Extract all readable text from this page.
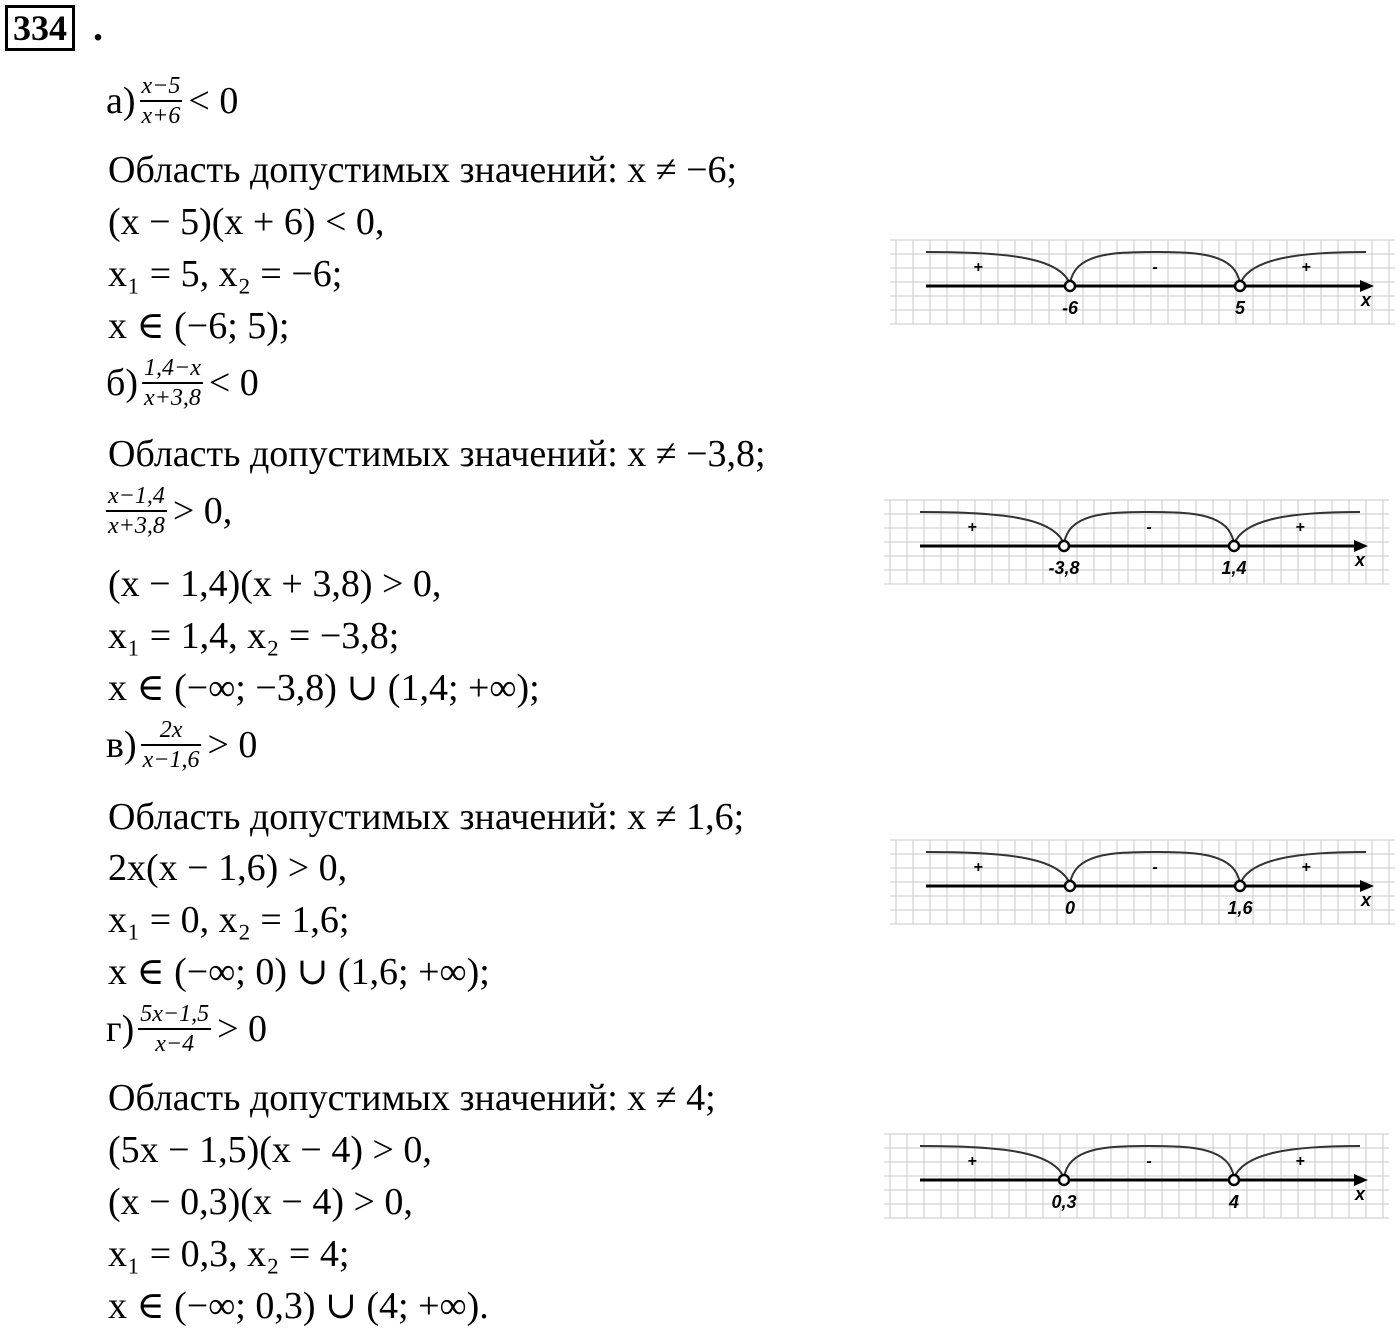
334 .
$а) \frac{x-5}{x+6} < 0$
Область допустимых значений: x ≠ −6;
(x − 5)(x + 6) < 0,
x₁ = 5, x₂ = −6;
x ∈ (−6; 5);
$б) \frac{1,4-x}{x+3,8} < 0$
Область допустимых значений: x ≠ −3,8;
$\frac{x-1,4}{x+3,8} > 0$,
(x − 1,4)(x + 3,8) > 0,
x₁ = 1,4, x₂ = −3,8;
x ∈ (−∞; −3,8) ∪ (1,4; +∞);
$в) \frac{2x}{x-1,6} > 0$
Область допустимых значений: x ≠ 1,6;
2x(x − 1,6) > 0,
x₁ = 0, x₂ = 1,6;
x ∈ (−∞; 0) ∪ (1,6; +∞);
$г) \frac{5x-1,5}{x-4} > 0$
Область допустимых значений: x ≠ 4;
(5x − 1,5)(x − 4) > 0,
(x − 0,3)(x − 4) > 0,
x₁ = 0,3, x₂ = 4;
x ∈ (−∞; 0,3) ∪ (4; +∞).
+	-	+
-6	5	x
+	-	+
-3,8	1,4	x
+	-	+
0	1,6	x
+	-	+
0,3	4	x
